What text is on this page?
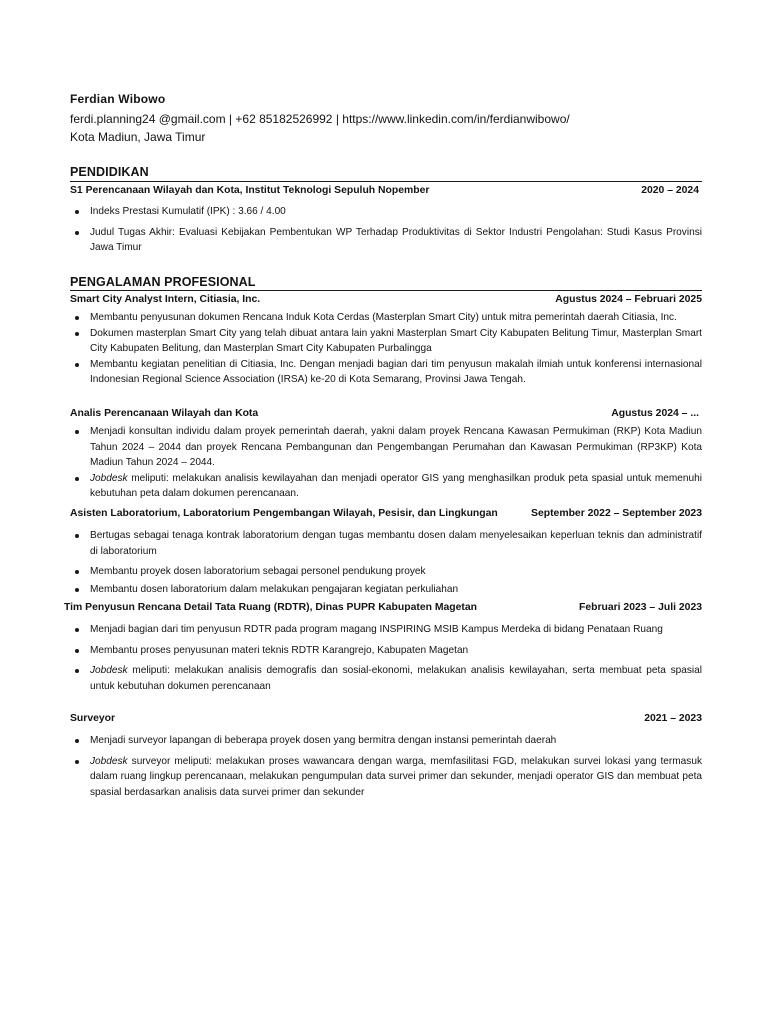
Ferdian Wibowo
ferdi.planning24 @gmail.com | +62 85182526992 | https://www.linkedin.com/in/ferdianwibowo/
Kota Madiun, Jawa Timur
PENDIDIKAN
S1 Perencanaan Wilayah dan Kota, Institut Teknologi Sepuluh Nopember	2020 – 2024
Indeks Prestasi Kumulatif (IPK) : 3.66 / 4.00
Judul Tugas Akhir: Evaluasi Kebijakan Pembentukan WP Terhadap Produktivitas di Sektor Industri Pengolahan: Studi Kasus Provinsi Jawa Timur
PENGALAMAN PROFESIONAL
Smart City Analyst Intern, Citiasia, Inc.	Agustus 2024 – Februari 2025
Membantu penyusunan dokumen Rencana Induk Kota Cerdas (Masterplan Smart City) untuk mitra pemerintah daerah Citiasia, Inc.
Dokumen masterplan Smart City yang telah dibuat antara lain yakni Masterplan Smart City Kabupaten Belitung Timur, Masterplan Smart City Kabupaten Belitung, dan Masterplan Smart City Kabupaten Purbalingga
Membantu kegiatan penelitian di Citiasia, Inc. Dengan menjadi bagian dari tim penyusun makalah ilmiah untuk konferensi internasional Indonesian Regional Science Association (IRSA) ke-20 di Kota Semarang, Provinsi Jawa Tengah.
Analis Perencanaan Wilayah dan Kota	Agustus 2024 – ...
Menjadi konsultan individu dalam proyek pemerintah daerah, yakni dalam proyek Rencana Kawasan Permukiman (RKP) Kota Madiun Tahun 2024 – 2044 dan proyek Rencana Pembangunan dan Pengembangan Perumahan dan Kawasan Permukiman (RP3KP) Kota Madiun Tahun 2024 – 2044.
Jobdesk meliputi: melakukan analisis kewilayahan dan menjadi operator GIS yang menghasilkan produk peta spasial untuk memenuhi kebutuhan peta dalam dokumen perencanaan.
Asisten Laboratorium, Laboratorium Pengembangan Wilayah, Pesisir, dan Lingkungan	September 2022 – September 2023
Bertugas sebagai tenaga kontrak laboratorium dengan tugas membantu dosen dalam menyelesaikan keperluan teknis dan administratif di laboratorium
Membantu proyek dosen laboratorium sebagai personel pendukung proyek
Membantu dosen laboratorium dalam melakukan pengajaran kegiatan perkuliahan
Tim Penyusun Rencana Detail Tata Ruang (RDTR), Dinas PUPR Kabupaten Magetan	Februari 2023 – Juli 2023
Menjadi bagian dari tim penyusun RDTR pada program magang INSPIRING MSIB Kampus Merdeka di bidang Penataan Ruang
Membantu proses penyusunan materi teknis RDTR Karangrejo, Kabupaten Magetan
Jobdesk meliputi: melakukan analisis demografis dan sosial-ekonomi, melakukan analisis kewilayahan, serta membuat peta spasial untuk kebutuhan dokumen perencanaan
Surveyor	2021 – 2023
Menjadi surveyor lapangan di beberapa proyek dosen yang bermitra dengan instansi pemerintah daerah
Jobdesk surveyor meliputi: melakukan proses wawancara dengan warga, memfasilitasi FGD, melakukan survei lokasi yang termasuk dalam ruang lingkup perencanaan, melakukan pengumpulan data survei primer dan sekunder, menjadi operator GIS dan membuat peta spasial berdasarkan analisis data survei primer dan sekunder
